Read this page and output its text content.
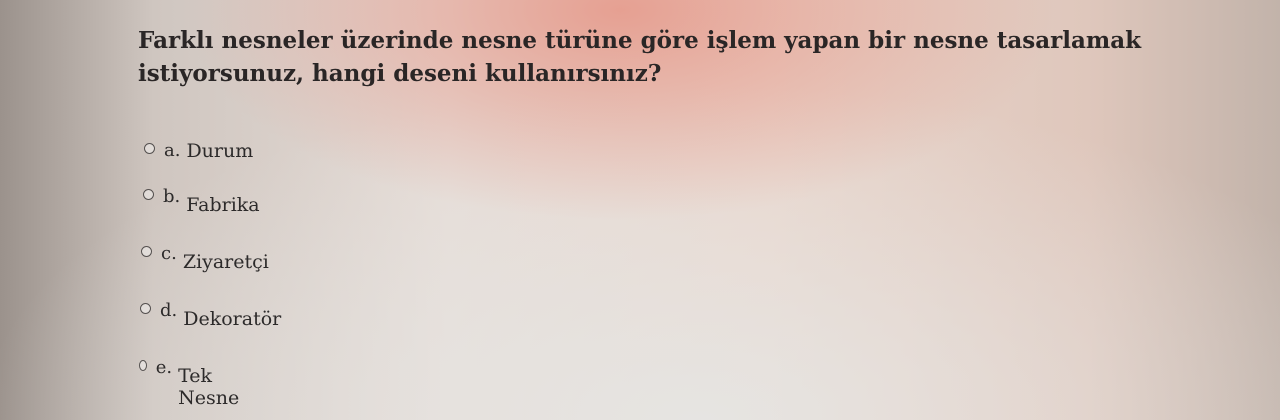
Farklı nesneler üzerinde nesne türüne göre işlem yapan bir nesne tasarlamak istiyorsunuz, hangi deseni kullanırsınız?
a. Durum
b. Fabrika
c. Ziyaretçi
d. Dekoratör
e. Tek Nesne
